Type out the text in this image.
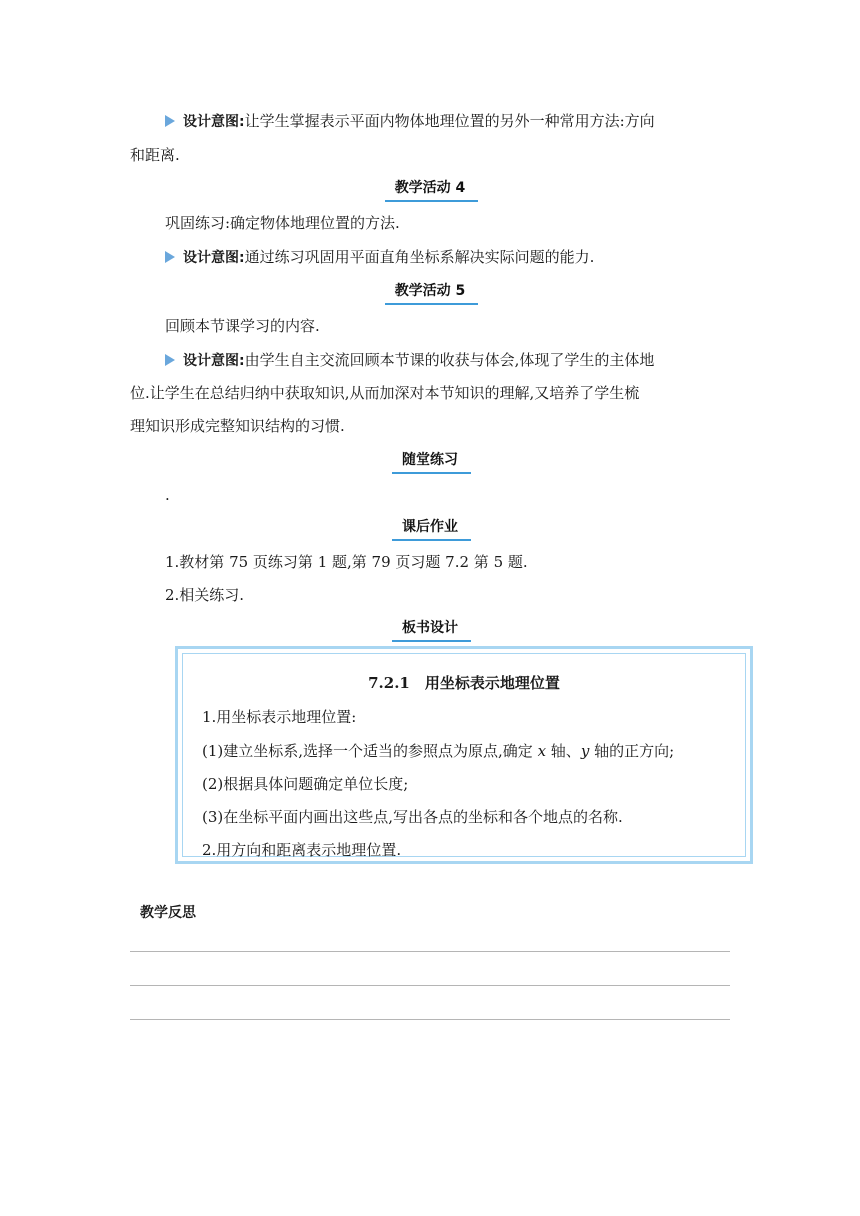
设计意图:让学生掌握表示平面内物体地理位置的另外一种常用方法:方向
和距离.
教学活动 4
巩固练习:确定物体地理位置的方法.
设计意图:通过练习巩固用平面直角坐标系解决实际问题的能力.
教学活动 5
回顾本节课学习的内容.
设计意图:由学生自主交流回顾本节课的收获与体会,体现了学生的主体地
位.让学生在总结归纳中获取知识,从而加深对本节知识的理解,又培养了学生梳
理知识形成完整知识结构的习惯.
随堂练习
.
课后作业
1.教材第 75 页练习第 1 题,第 79 页习题 7.2 第 5 题.
2.相关练习.
板书设计
7.2.1　用坐标表示地理位置
1.用坐标表示地理位置:
(1)建立坐标系,选择一个适当的参照点为原点,确定 x 轴、y 轴的正方向;
(2)根据具体问题确定单位长度;
(3)在坐标平面内画出这些点,写出各点的坐标和各个地点的名称.
2.用方向和距离表示地理位置.
教学反思
